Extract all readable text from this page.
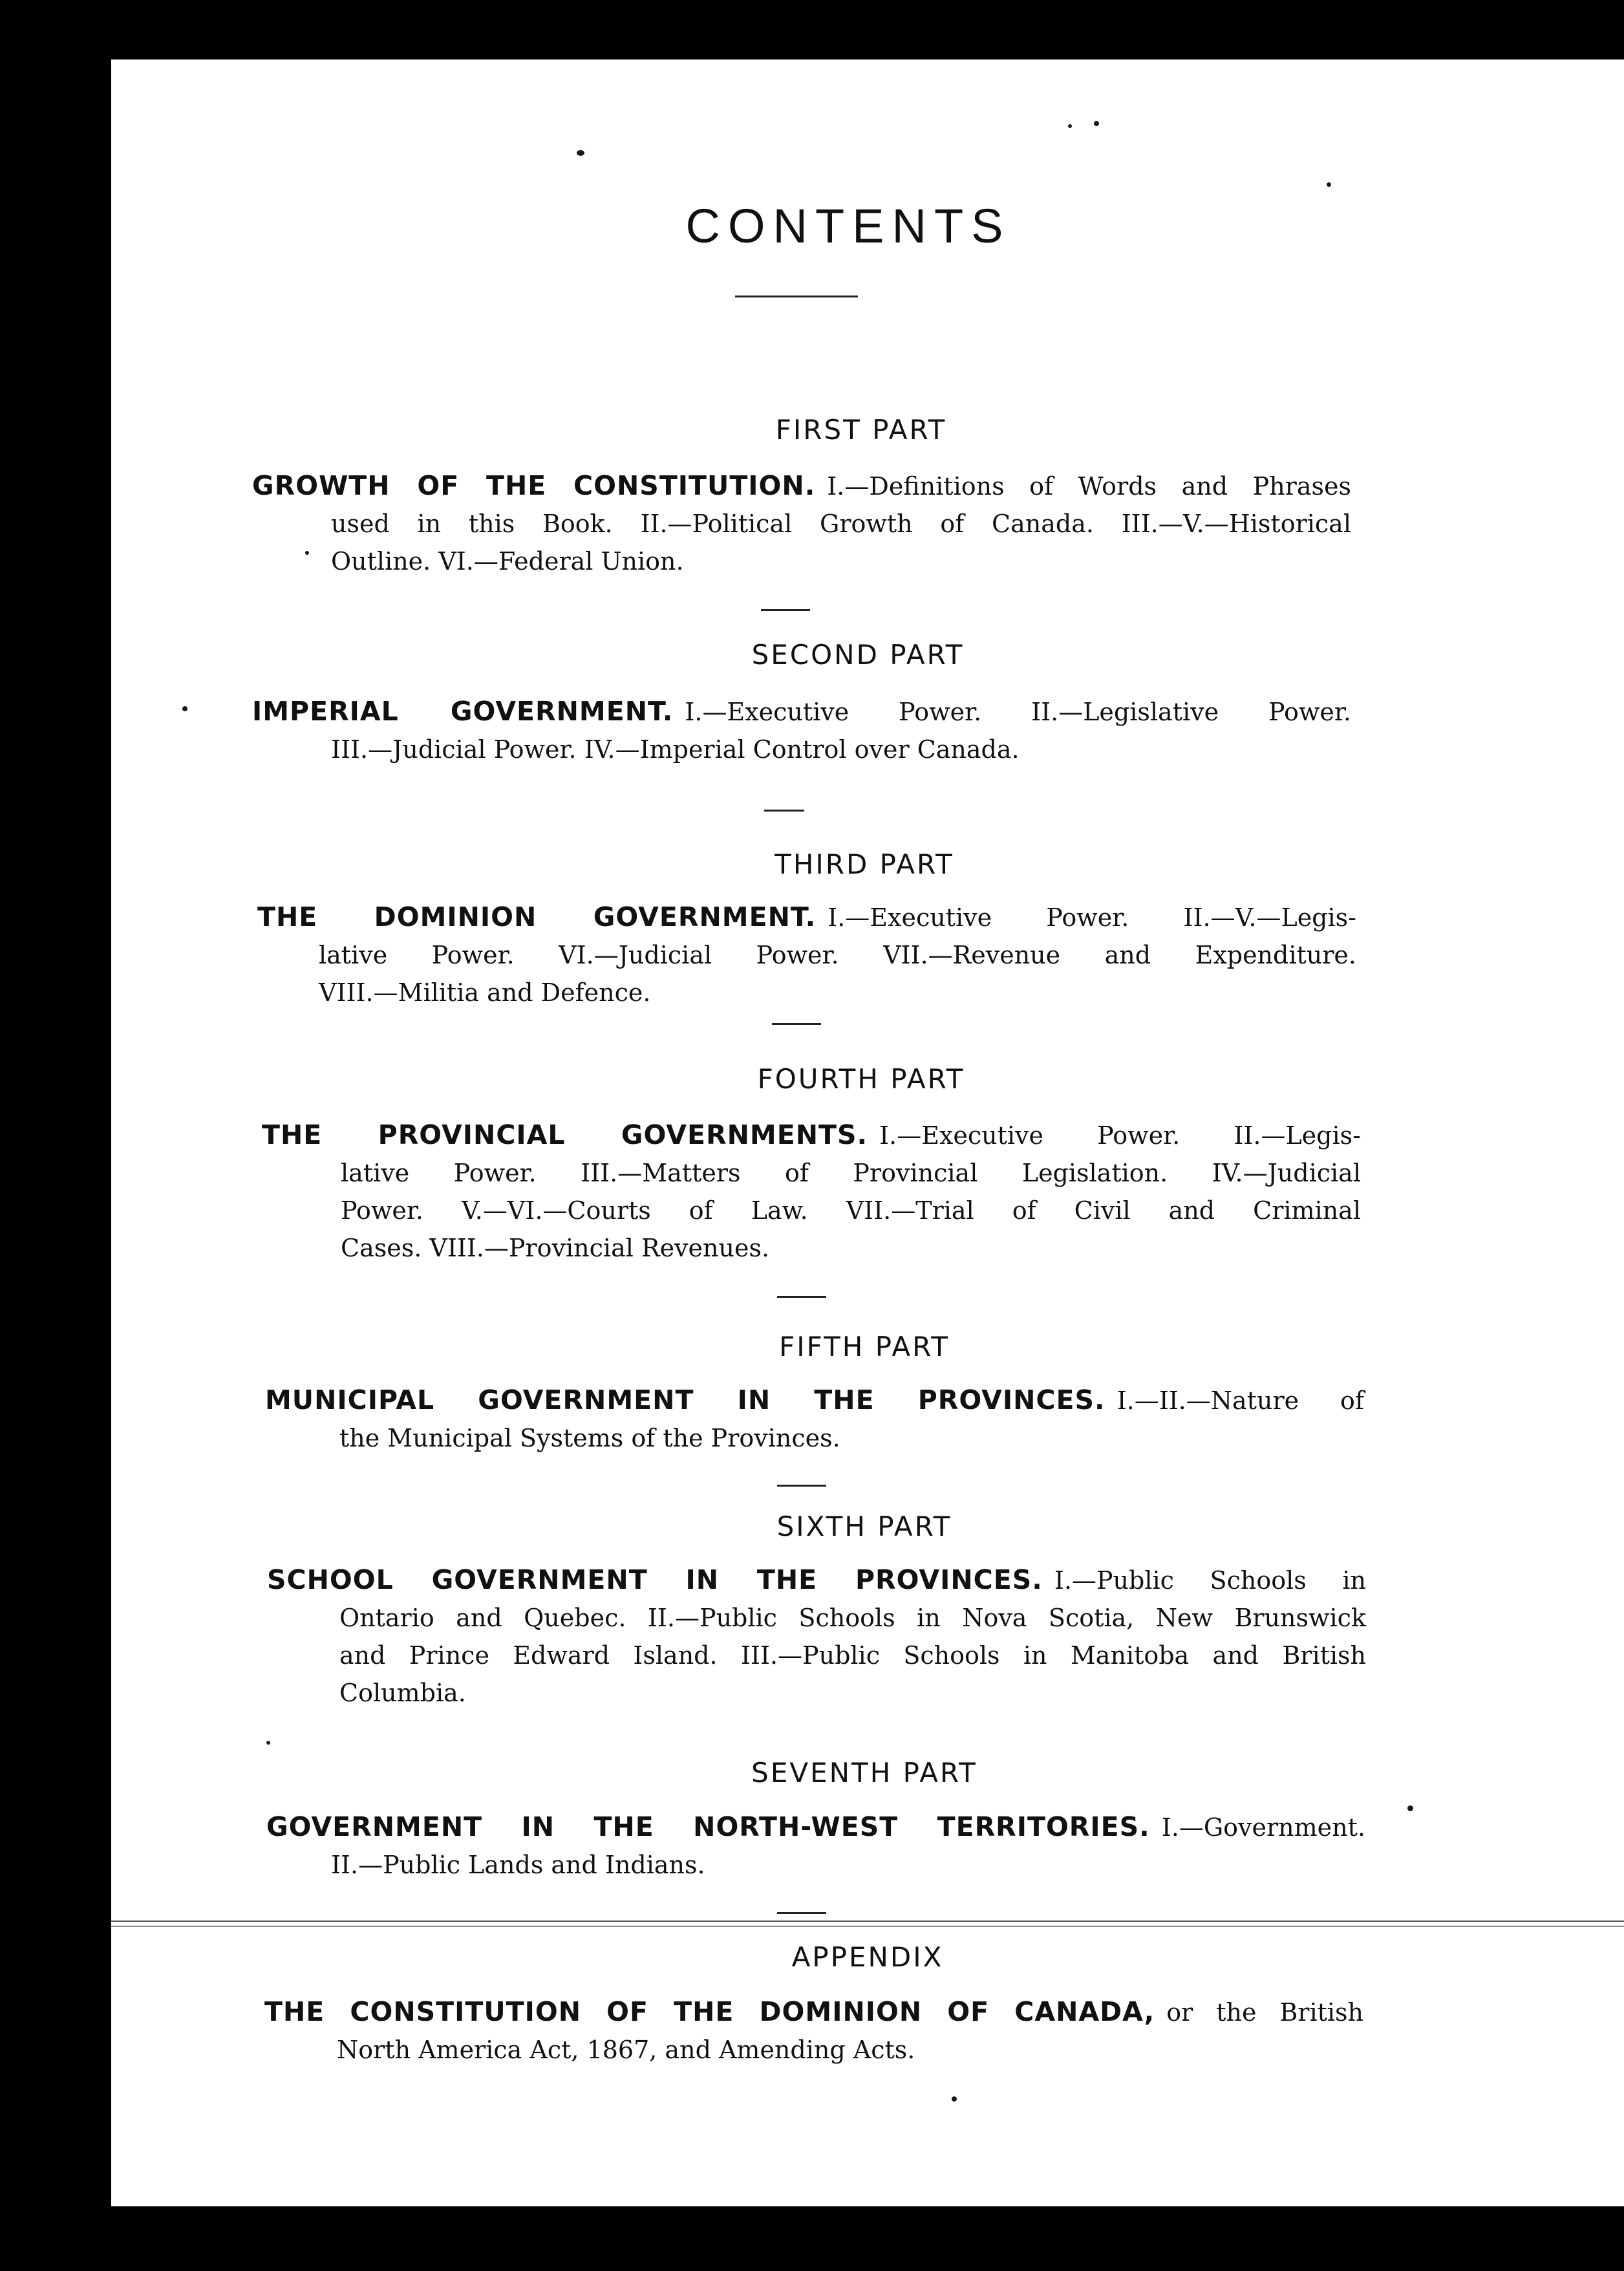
CONTENTS
FIRST PART
GROWTH OF THE CONSTITUTION. I.—Definitions of Words and Phrases
used in this Book. II.—Political Growth of Canada. III.—V.—Historical
Outline. VI.—Federal Union.
SECOND PART
IMPERIAL GOVERNMENT. I.—Executive Power. II.—Legislative Power.
III.—Judicial Power. IV.—Imperial Control over Canada.
THIRD PART
THE DOMINION GOVERNMENT. I.—Executive Power. II.—V.—Legis-
lative Power. VI.—Judicial Power. VII.—Revenue and Expenditure.
VIII.—Militia and Defence.
FOURTH PART
THE PROVINCIAL GOVERNMENTS. I.—Executive Power. II.—Legis-
lative Power. III.—Matters of Provincial Legislation. IV.—Judicial
Power. V.—VI.—Courts of Law. VII.—Trial of Civil and Criminal
Cases. VIII.—Provincial Revenues.
FIFTH PART
MUNICIPAL GOVERNMENT IN THE PROVINCES. I.—II.—Nature of
the Municipal Systems of the Provinces.
SIXTH PART
SCHOOL GOVERNMENT IN THE PROVINCES. I.—Public Schools in
Ontario and Quebec. II.—Public Schools in Nova Scotia, New Brunswick
and Prince Edward Island. III.—Public Schools in Manitoba and British
Columbia.
SEVENTH PART
GOVERNMENT IN THE NORTH-WEST TERRITORIES. I.—Government.
II.—Public Lands and Indians.
APPENDIX
THE CONSTITUTION OF THE DOMINION OF CANADA, or the British
North America Act, 1867, and Amending Acts.
